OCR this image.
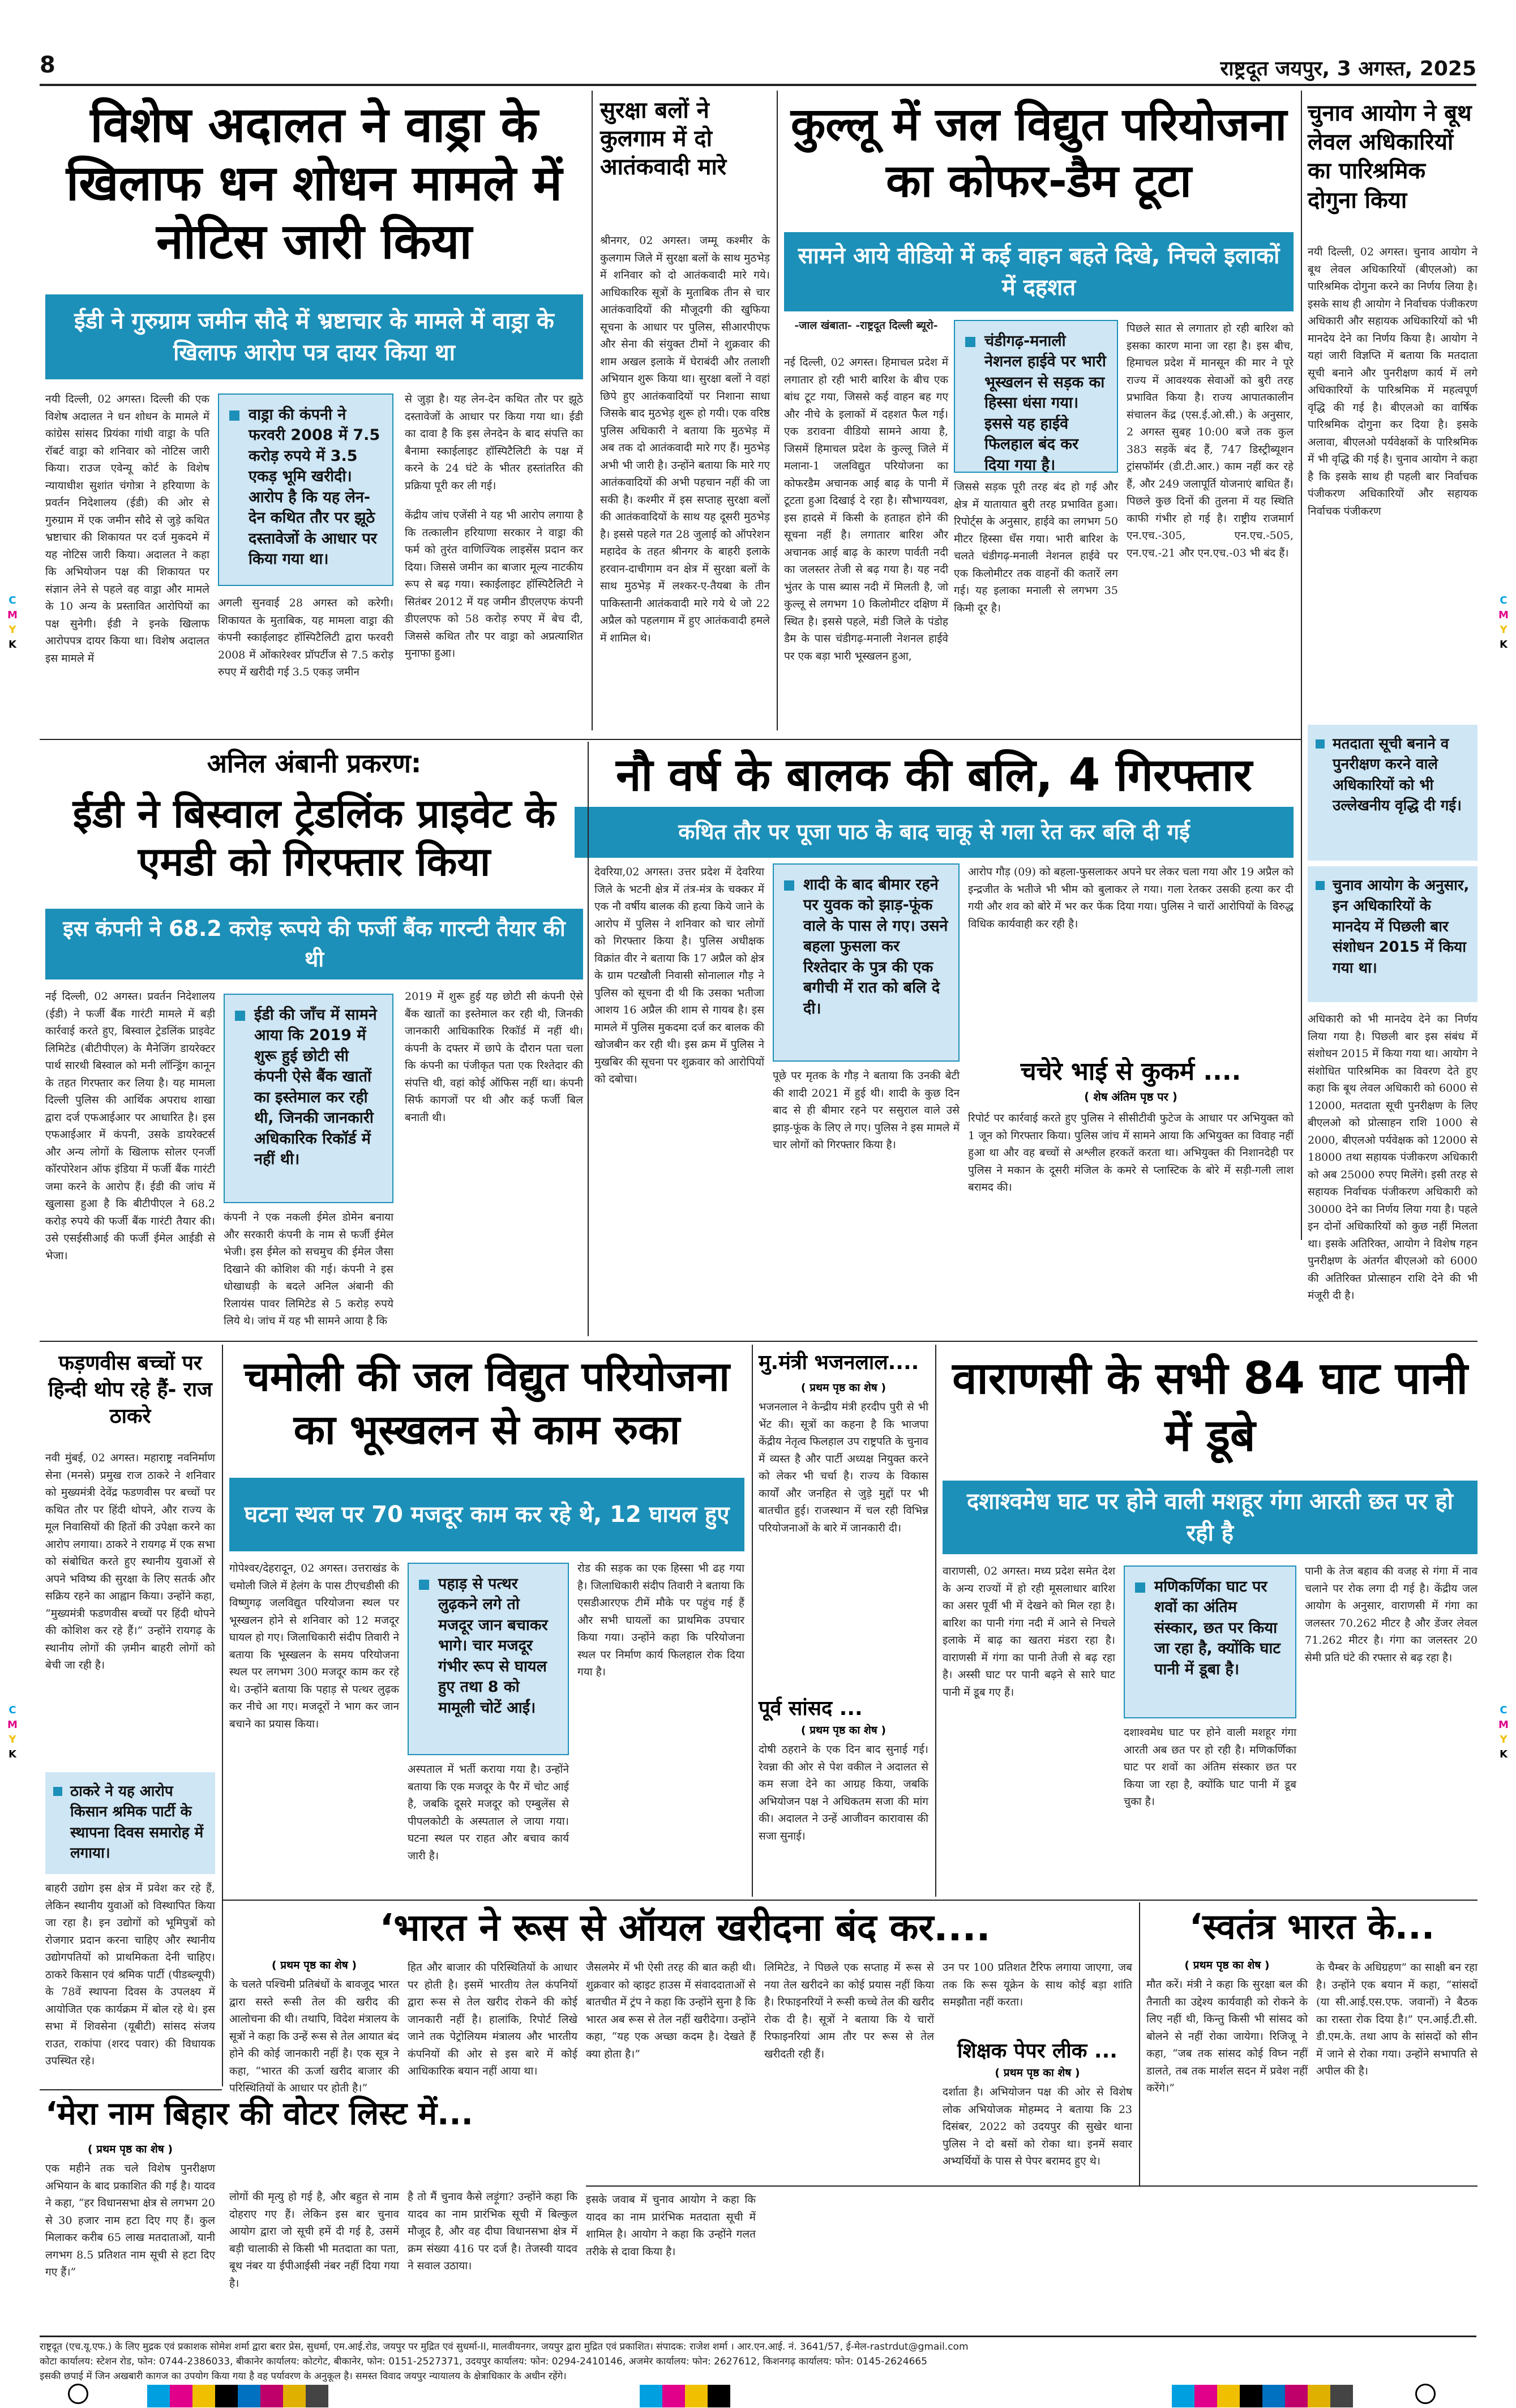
8	राष्ट्रदूत जयपुर, 3 अगस्त, 2025
C
M
Y
K
C
M
Y
K
C
M
Y
K
C
M
Y
K
विशेष अदालत ने वाड्रा के खिलाफ धन शोधन मामले में नोटिस जारी किया
ईडी ने गुरुग्राम जमीन सौदे में भ्रष्टाचार के मामले में वाड्रा के खिलाफ आरोप पत्र दायर किया था
नयी दिल्ली, 02 अगस्त। दिल्ली की एक विशेष अदालत ने धन शोधन के मामले में कांग्रेस सांसद प्रियंका गांधी वाड्रा के पति रॉबर्ट वाड्रा को शनिवार को नोटिस जारी किया। राउज एवेन्यू कोर्ट के विशेष न्यायाधीश सुशांत चंगोत्रा ने हरियाणा के प्रवर्तन निदेशालय (ईडी) की ओर से गुरुग्राम में एक जमीन सौदे से जुड़े कथित भ्रष्टाचार की शिकायत पर दर्ज मुकदमे में यह नोटिस जारी किया। अदालत ने कहा कि अभियोजन पक्ष की शिकायत पर संज्ञान लेने से पहले वह वाड्रा और मामले के 10 अन्य के प्रस्तावित आरोपियों का पक्ष सुनेगी। ईडी ने इनके खिलाफ आरोपपत्र दायर किया था। विशेष अदालत इस मामले में
वाड्रा की कंपनी ने फरवरी 2008 में 7.5 करोड़ रुपये में 3.5 एकड़ भूमि खरीदी। आरोप है कि यह लेन-देन कथित तौर पर झूठे दस्तावेजों के आधार पर किया गया था।
अगली सुनवाई 28 अगस्त को करेगी। शिकायत के मुताबिक, यह मामला वाड्रा की कंपनी स्काईलाइट हॉस्पिटैलिटी द्वारा फरवरी 2008 में ओंकारेश्वर प्रॉपर्टीज से 7.5 करोड़ रुपए में खरीदी गई 3.5 एकड़ जमीन
से जुड़ा है। यह लेन-देन कथित तौर पर झूठे दस्तावेजों के आधार पर किया गया था। ईडी का दावा है कि इस लेनदेन के बाद संपत्ति का बैनामा स्काईलाइट हॉस्पिटैलिटी के पक्ष में करने के 24 घंटे के भीतर हस्तांतरित की प्रक्रिया पूरी कर ली गई।
केंद्रीय जांच एजेंसी ने यह भी आरोप लगाया है कि तत्कालीन हरियाणा सरकार ने वाड्रा की फर्म को तुरंत वाणिज्यिक लाइसेंस प्रदान कर दिया। जिससे जमीन का बाजार मूल्य नाटकीय रूप से बढ़ गया। स्काईलाइट हॉस्पिटैलिटी ने सितंबर 2012 में यह जमीन डीएलएफ कंपनी डीएलएफ को 58 करोड़ रुपए में बेच दी, जिससे कथित तौर पर वाड्रा को अप्रत्याशित मुनाफा हुआ।
सुरक्षा बलों ने कुलगाम में दो आतंकवादी मारे
श्रीनगर, 02 अगस्त। जम्मू कश्मीर के कुलगाम जिले में सुरक्षा बलों के साथ मुठभेड़ में शनिवार को दो आतंकवादी मारे गये। आधिकारिक सूत्रों के मुताबिक तीन से चार आतंकवादियों की मौजूदगी की खुफिया सूचना के आधार पर पुलिस, सीआरपीएफ और सेना की संयुक्त टीमों ने शुक्रवार की शाम अखल इलाके में घेराबंदी और तलाशी अभियान शुरू किया था। सुरक्षा बलों ने वहां छिपे हुए आतंकवादियों पर निशाना साधा जिसके बाद मुठभेड़ शुरू हो गयी। एक वरिष्ठ पुलिस अधिकारी ने बताया कि मुठभेड़ में अब तक दो आतंकवादी मारे गए हैं। मुठभेड़ अभी भी जारी है। उन्होंने बताया कि मारे गए आतंकवादियों की अभी पहचान नहीं की जा सकी है। कश्मीर में इस सप्ताह सुरक्षा बलों की आतंकवादियों के साथ यह दूसरी मुठभेड़ है। इससे पहले गत 28 जुलाई को ऑपरेशन महादेव के तहत श्रीनगर के बाहरी इलाके हरवान-दाचीगाम वन क्षेत्र में सुरक्षा बलों के साथ मुठभेड़ में लश्कर-ए-तैयबा के तीन पाकिस्तानी आतंकवादी मारे गये थे जो 22 अप्रैल को पहलगाम में हुए आतंकवादी हमले में शामिल थे।
कुल्लू में जल विद्युत परियोजना का कोफर-डैम टूटा
सामने आये वीडियो में कई वाहन बहते दिखे, निचले इलाकों में दहशत
-जाल खंबाता- -राष्ट्रदूत दिल्ली ब्यूरो-
नई दिल्ली, 02 अगस्त। हिमाचल प्रदेश में लगातार हो रही भारी बारिश के बीच एक बांध टूट गया, जिससे कई वाहन बह गए और नीचे के इलाकों में दहशत फैल गई। एक डरावना वीडियो सामने आया है, जिसमें हिमाचल प्रदेश के कुल्लू जिले में मलाना-1 जलविद्युत परियोजना का कोफरडैम अचानक आई बाढ़ के पानी में टूटता हुआ दिखाई दे रहा है। सौभाग्यवश, इस हादसे में किसी के हताहत होने की सूचना नहीं है। लगातार बारिश और अचानक आई बाढ़ के कारण पार्वती नदी का जलस्तर तेजी से बढ़ गया है। यह नदी भुंतर के पास ब्यास नदी में मिलती है, जो कुल्लू से लगभग 10 किलोमीटर दक्षिण में स्थित है। इससे पहले, मंडी जिले के पंडोह डैम के पास चंडीगढ़-मनाली नेशनल हाईवे पर एक बड़ा भारी भूस्खलन हुआ,
चंडीगढ़-मनाली नेशनल हाईवे पर भारी भूस्खलन से सड़क का हिस्सा धंसा गया। इससे यह हाईवे फिलहाल बंद कर दिया गया है।
जिससे सड़क पूरी तरह बंद हो गई और क्षेत्र में यातायात बुरी तरह प्रभावित हुआ। रिपोर्ट्स के अनुसार, हाईवे का लगभग 50 मीटर हिस्सा धँस गया। भारी बारिश के चलते चंडीगढ़-मनाली नेशनल हाईवे पर एक किलोमीटर तक वाहनों की कतारें लग गई। यह इलाका मनाली से लगभग 35 किमी दूर है।
पिछले सात से लगातार हो रही बारिश को इसका कारण माना जा रहा है। इस बीच, हिमाचल प्रदेश में मानसून की मार ने पूरे राज्य में आवश्यक सेवाओं को बुरी तरह प्रभावित किया है। राज्य आपातकालीन संचालन केंद्र (एस.ई.ओ.सी.) के अनुसार, 2 अगस्त सुबह 10:00 बजे तक कुल 383 सड़कें बंद हैं, 747 डिस्ट्रीब्यूशन ट्रांसफॉर्मर (डी.टी.आर.) काम नहीं कर रहे हैं, और 249 जलापूर्ति योजनाएं बाधित हैं। पिछले कुछ दिनों की तुलना में यह स्थिति काफी गंभीर हो गई है। राष्ट्रीय राजमार्ग एन.एच.-305, एन.एच.-505, एन.एच.-21 और एन.एच.-03 भी बंद हैं।
चुनाव आयोग ने बूथ लेवल अधिकारियों का पारिश्रमिक दोगुना किया
नयी दिल्ली, 02 अगस्त। चुनाव आयोग ने बूथ लेवल अधिकारियों (बीएलओ) का पारिश्रमिक दोगुना करने का निर्णय लिया है। इसके साथ ही आयोग ने निर्वाचक पंजीकरण अधिकारी और सहायक अधिकारियों को भी मानदेय देने का निर्णय किया है। आयोग ने यहां जारी विज्ञप्ति में बताया कि मतदाता सूची बनाने और पुनरीक्षण कार्य में लगे अधिकारियों के पारिश्रमिक में महत्वपूर्ण वृद्धि की गई है। बीएलओ का वार्षिक पारिश्रमिक दोगुना कर दिया है। इसके अलावा, बीएलओ पर्यवेक्षकों के पारिश्रमिक में भी वृद्धि की गई है। चुनाव आयोग ने कहा है कि इसके साथ ही पहली बार निर्वाचक पंजीकरण अधिकारियों और सहायक निर्वाचक पंजीकरण
मतदाता सूची बनाने व पुनरीक्षण करने वाले अधिकारियों को भी उल्लेखनीय वृद्धि दी गई।
चुनाव आयोग के अनुसार, इन अधिकारियों के मानदेय में पिछली बार संशोधन 2015 में किया गया था।
अधिकारी को भी मानदेय देने का निर्णय लिया गया है। पिछली बार इस संबंध में संशोधन 2015 में किया गया था। आयोग ने संशोधित पारिश्रमिक का विवरण देते हुए कहा कि बूथ लेवल अधिकारी को 6000 से 12000, मतदाता सूची पुनरीक्षण के लिए बीएलओ को प्रोत्साहन राशि 1000 से 2000, बीएलओ पर्यवेक्षक को 12000 से 18000 तथा सहायक पंजीकरण अधिकारी को अब 25000 रुपए मिलेंगे। इसी तरह से सहायक निर्वाचक पंजीकरण अधिकारी को 30000 देने का निर्णय लिया गया है। पहले इन दोनों अधिकारियों को कुछ नहीं मिलता था। इसके अतिरिक्त, आयोग ने विशेष गहन पुनरीक्षण के अंतर्गत बीएलओ को 6000 की अतिरिक्त प्रोत्साहन राशि देने की भी मंजूरी दी है।
अनिल अंबानी प्रकरण:
ईडी ने बिस्वाल ट्रेडलिंक प्राइवेट के एमडी को गिरफ्तार किया
इस कंपनी ने 68.2 करोड़ रूपये की फर्जी बैंक गारन्टी तैयार की थी
नई दिल्ली, 02 अगस्त। प्रवर्तन निदेशालय (ईडी) ने फर्जी बैंक गारंटी मामले में बड़ी कार्रवाई करते हुए, बिस्वाल ट्रेडलिंक प्राइवेट लिमिटेड (बीटीपीएल) के मैनेजिंग डायरेक्टर पार्थ सारथी बिस्वाल को मनी लॉन्ड्रिंग कानून के तहत गिरफ्तार कर लिया है। यह मामला दिल्ली पुलिस की आर्थिक अपराध शाखा द्वारा दर्ज एफआईआर पर आधारित है। इस एफआईआर में कंपनी, उसके डायरेक्टर्स और अन्य लोगों के खिलाफ सोलर एनर्जी कॉरपोरेशन ऑफ इंडिया में फर्जी बैंक गारंटी जमा करने के आरोप हैं। ईडी की जांच में खुलासा हुआ है कि बीटीपीएल ने 68.2 करोड़ रुपये की फर्जी बैंक गारंटी तैयार की। उसे एसईसीआई की फर्जी ईमेल आईडी से भेजा।
ईडी की जाँच में सामने आया कि 2019 में शुरू हुई छोटी सी कंपनी ऐसे बैंक खातों का इस्तेमाल कर रही थी, जिनकी जानकारी अधिकारिक रिकॉर्ड में नहीं थी।
कंपनी ने एक नकली ईमेल डोमेन बनाया और सरकारी कंपनी के नाम से फर्जी ईमेल भेजी। इस ईमेल को सचमुच की ईमेल जैसा दिखाने की कोशिश की गई। कंपनी ने इस धोखाधड़ी के बदले अनिल अंबानी की रिलायंस पावर लिमिटेड से 5 करोड़ रुपये लिये थे। जांच में यह भी सामने आया है कि
2019 में शुरू हुई यह छोटी सी कंपनी ऐसे बैंक खातों का इस्तेमाल कर रही थी, जिनकी जानकारी आधिकारिक रिकॉर्ड में नहीं थी। कंपनी के दफ्तर में छापे के दौरान पता चला कि कंपनी का पंजीकृत पता एक रिश्तेदार की संपत्ति थी, वहां कोई ऑफिस नहीं था। कंपनी सिर्फ कागजों पर थी और कई फर्जी बिल बनाती थी।
नौ वर्ष के बालक की बलि, 4 गिरफ्तार
कथित तौर पर पूजा पाठ के बाद चाकू से गला रेत कर बलि दी गई
देवरिया,02 अगस्त। उत्तर प्रदेश में देवरिया जिले के भटनी क्षेत्र में तंत्र-मंत्र के चक्कर में एक नौ वर्षीय बालक की हत्या किये जाने के आरोप में पुलिस ने शनिवार को चार लोगों को गिरफ्तार किया है। पुलिस अधीक्षक विक्रांत वीर ने बताया कि 17 अप्रैल को क्षेत्र के ग्राम पटखौली निवासी सोनालाल गौड़ ने पुलिस को सूचना दी थी कि उसका भतीजा आशय 16 अप्रैल की शाम से गायब है। इस मामले में पुलिस मुकदमा दर्ज कर बालक की खोजबीन कर रही थी। इस क्रम में पुलिस ने मुखबिर की सूचना पर शुक्रवार को आरोपियों को दबोचा।
शादी के बाद बीमार रहने पर युवक को झाड़-फूंक वाले के पास ले गए। उसने बहला फुसला कर रिश्तेदार के पुत्र की एक बगीची में रात को बलि दे दी।
पूछे पर मृतक के गौड़ ने बताया कि उनकी बेटी की शादी 2021 में हुई थी। शादी के कुछ दिन बाद से ही बीमार रहने पर ससुराल वाले उसे झाड़-फूंक के लिए ले गए। पुलिस ने इस मामले में चार लोगों को गिरफ्तार किया है।
आरोप गौड़ (09) को बहला-फुसलाकर अपने घर लेकर चला गया और 19 अप्रैल को इन्द्रजीत के भतीजे भी भीम को बुलाकर ले गया। गला रेतकर उसकी हत्या कर दी गयी और शव को बोरे में भर कर फेंक दिया गया। पुलिस ने चारों आरोपियों के विरुद्ध विधिक कार्यवाही कर रही है।
चचेरे भाई से कुकर्म ....
( शेष अंतिम पृष्ठ पर )
रिपोर्ट पर कार्रवाई करते हुए पुलिस ने सीसीटीवी फुटेज के आधार पर अभियुक्त को 1 जून को गिरफ्तार किया। पुलिस जांच में सामने आया कि अभियुक्त का विवाह नहीं हुआ था और वह बच्चों से अश्लील हरकतें करता था। अभियुक्त की निशानदेही पर पुलिस ने मकान के दूसरी मंजिल के कमरे से प्लास्टिक के बोरे में सड़ी-गली लाश बरामद की।
फड़णवीस बच्चों पर हिन्दी थोप रहे हैं- राज ठाकरे
नवी मुंबई, 02 अगस्त। महाराष्ट्र नवनिर्माण सेना (मनसे) प्रमुख राज ठाकरे ने शनिवार को मुख्यमंत्री देवेंद्र फडणवीस पर बच्चों पर कथित तौर पर हिंदी थोपने, और राज्य के मूल निवासियों की हितों की उपेक्षा करने का आरोप लगाया। ठाकरे ने रायगढ़ में एक सभा को संबोधित करते हुए स्थानीय युवाओं से अपने भविष्य की सुरक्षा के लिए सतर्क और सक्रिय रहने का आह्वान किया। उन्होंने कहा, “मुख्यमंत्री फडणवीस बच्चों पर हिंदी थोपने की कोशिश कर रहे हैं।” उन्होंने रायगढ़ के स्थानीय लोगों की ज़मीन बाहरी लोगों को बेची जा रही है।
ठाकरे ने यह आरोप किसान श्रमिक पार्टी के स्थापना दिवस समारोह में लगाया।
बाहरी उद्योग इस क्षेत्र में प्रवेश कर रहे हैं, लेकिन स्थानीय युवाओं को विस्थापित किया जा रहा है। इन उद्योगों को भूमिपुत्रों को रोजगार प्रदान करना चाहिए और स्थानीय उद्योगपतियों को प्राथमिकता देनी चाहिए। ठाकरे किसान एवं श्रमिक पार्टी (पीडब्ल्यूपी) के 78वें स्थापना दिवस के उपलक्ष्य में आयोजित एक कार्यक्रम में बोल रहे थे। इस सभा में शिवसेना (यूबीटी) सांसद संजय राउत, राकांपा (शरद पवार) की विधायक उपस्थित रहे।
चमोली की जल विद्युत परियोजना का भूस्खलन से काम रुका
घटना स्थल पर 70 मजदूर काम कर रहे थे, 12 घायल हुए
गोपेश्वर/देहरादून, 02 अगस्त। उत्तराखंड के चमोली जिले में हेलंग के पास टीएचडीसी की विष्णुगढ़ जलविद्युत परियोजना स्थल पर भूस्खलन होने से शनिवार को 12 मजदूर घायल हो गए। जिलाधिकारी संदीप तिवारी ने बताया कि भूस्खलन के समय परियोजना स्थल पर लगभग 300 मजदूर काम कर रहे थे। उन्होंने बताया कि पहाड़ से पत्थर लुढ़क कर नीचे आ गए। मजदूरों ने भाग कर जान बचाने का प्रयास किया।
पहाड़ से पत्थर लुढ़कने लगे तो मजदूर जान बचाकर भागे। चार मजदूर गंभीर रूप से घायल हुए तथा 8 को मामूली चोटें आईं।
अस्पताल में भर्ती कराया गया है। उन्होंने बताया कि एक मजदूर के पैर में चोट आई है, जबकि दूसरे मजदूर को एम्बुलेंस से पीपलकोटी के अस्पताल ले जाया गया। घटना स्थल पर राहत और बचाव कार्य जारी है।
रोड की सड़क का एक हिस्सा भी ढह गया है। जिलाधिकारी संदीप तिवारी ने बताया कि एसडीआरएफ टीमें मौके पर पहुंच गई हैं और सभी घायलों का प्राथमिक उपचार किया गया। उन्होंने कहा कि परियोजना स्थल पर निर्माण कार्य फिलहाल रोक दिया गया है।
मु.मंत्री भजनलाल....
( प्रथम पृष्ठ का शेष )
भजनलाल ने केन्द्रीय मंत्री हरदीप पुरी से भी भेंट की। सूत्रों का कहना है कि भाजपा केंद्रीय नेतृत्व फिलहाल उप राष्ट्रपति के चुनाव में व्यस्त है और पार्टी अध्यक्ष नियुक्त करने को लेकर भी चर्चा है। राज्य के विकास कार्यों और जनहित से जुड़े मुद्दों पर भी बातचीत हुई। राजस्थान में चल रही विभिन्न परियोजनाओं के बारे में जानकारी दी।
पूर्व सांसद ...
( प्रथम पृष्ठ का शेष )
दोषी ठहराने के एक दिन बाद सुनाई गई। रेवन्ना की ओर से पेश वकील ने अदालत से कम सजा देने का आग्रह किया, जबकि अभियोजन पक्ष ने अधिकतम सजा की मांग की। अदालत ने उन्हें आजीवन कारावास की सजा सुनाई।
वाराणसी के सभी 84 घाट पानी में डूबे
दशाश्वमेध घाट पर होने वाली मशहूर गंगा आरती छत पर हो रही है
वाराणसी, 02 अगस्त। मध्य प्रदेश समेत देश के अन्य राज्यों में हो रही मूसलाधार बारिश का असर पूर्वी भी में देखने को मिल रहा है। बारिश का पानी गंगा नदी में आने से निचले इलाके में बाढ़ का खतरा मंडरा रहा है। वाराणसी में गंगा का पानी तेजी से बढ़ रहा है। अस्सी घाट पर पानी बढ़ने से सारे घाट पानी में डूब गए हैं।
मणिकर्णिका घाट पर शवों का अंतिम संस्कार, छत पर किया जा रहा है, क्योंकि घाट पानी में डूबा है।
दशाश्वमेध घाट पर होने वाली मशहूर गंगा आरती अब छत पर हो रही है। मणिकर्णिका घाट पर शवों का अंतिम संस्कार छत पर किया जा रहा है, क्योंकि घाट पानी में डूब चुका है।
पानी के तेज बहाव की वजह से गंगा में नाव चलाने पर रोक लगा दी गई है। केंद्रीय जल आयोग के अनुसार, वाराणसी में गंगा का जलस्तर 70.262 मीटर है और डेंजर लेवल 71.262 मीटर है। गंगा का जलस्तर 20 सेमी प्रति घंटे की रफ्तार से बढ़ रहा है।
‘भारत ने रूस से ऑयल खरीदना बंद कर....
( प्रथम पृष्ठ का शेष )
के चलते पश्चिमी प्रतिबंधों के बावजूद भारत द्वारा सस्ते रूसी तेल की खरीद की आलोचना की थी। तथापि, विदेश मंत्रालय के सूत्रों ने कहा कि उन्हें रूस से तेल आयात बंद होने की कोई जानकारी नहीं है। एक सूत्र ने कहा, “भारत की ऊर्जा खरीद बाजार की परिस्थितियों के आधार पर होती है।”
हित और बाजार की परिस्थितियों के आधार पर होती है। इसमें भारतीय तेल कंपनियों द्वारा रूस से तेल खरीद रोकने की कोई जानकारी नहीं है। हालांकि, रिपोर्ट लिखे जाने तक पेट्रोलियम मंत्रालय और भारतीय कंपनियों की ओर से इस बारे में कोई आधिकारिक बयान नहीं आया था।
जैसलमेर में भी ऐसी तरह की बात कही थी। शुक्रवार को व्हाइट हाउस में संवाददाताओं से बातचीत में ट्रंप ने कहा कि उन्होंने सुना है कि भारत अब रूस से तेल नहीं खरीदेगा। उन्होंने कहा, “यह एक अच्छा कदम है। देखते हैं क्या होता है।”
लिमिटेड, ने पिछले एक सप्ताह में रूस से नया तेल खरीदने का कोई प्रयास नहीं किया है। रिफाइनरियों ने रूसी कच्चे तेल की खरीद रोक दी है। सूत्रों ने बताया कि ये चारों रिफाइनरियां आम तौर पर रूस से तेल खरीदती रही हैं।
उन पर 100 प्रतिशत टैरिफ लगाया जाएगा, जब तक कि रूस यूक्रेन के साथ कोई बड़ा शांति समझौता नहीं करता।
शिक्षक पेपर लीक ...
( प्रथम पृष्ठ का शेष )
दर्शाता है। अभियोजन पक्ष की ओर से विशेष लोक अभियोजक मोहम्मद ने बताया कि 23 दिसंबर, 2022 को उदयपुर की सुखेर थाना पुलिस ने दो बसों को रोका था। इनमें सवार अभ्यर्थियों के पास से पेपर बरामद हुए थे।
‘स्वतंत्र भारत के...
( प्रथम पृष्ठ का शेष )
मौत करें। मंत्री ने कहा कि सुरक्षा बल की तैनाती का उद्देश्य कार्यवाही को रोकने के लिए नहीं थी, किन्तु किसी भी सांसद को बोलने से नहीं रोका जायेगा। रिजिजू ने कहा, “जब तक सांसद कोई विघ्न नहीं डालते, तब तक मार्शल सदन में प्रवेश नहीं करेंगे।”
के चैम्बर के अधिग्रहण” का साक्षी बन रहा है। उन्होंने एक बयान में कहा, “सांसदों (या सी.आई.एस.एफ. जवानों) ने बैठक का रास्ता रोक दिया है।” एन.आई.टी.सी. डी.एम.के. तथा आप के सांसदों को सीन में जाने से रोका गया। उन्होंने सभापति से अपील की है।
‘मेरा नाम बिहार की वोटर लिस्ट में...
( प्रथम पृष्ठ का शेष )
एक महीने तक चले विशेष पुनरीक्षण अभियान के बाद प्रकाशित की गई है। यादव ने कहा, “हर विधानसभा क्षेत्र से लगभग 20 से 30 हजार नाम हटा दिए गए हैं। कुल मिलाकर करीब 65 लाख मतदाताओं, यानी लगभग 8.5 प्रतिशत नाम सूची से हटा दिए गए हैं।”
लोगों की मृत्यु हो गई है, और बहुत से नाम दोहराए गए हैं। लेकिन इस बार चुनाव आयोग द्वारा जो सूची हमें दी गई है, उसमें बड़ी चालाकी से किसी भी मतदाता का पता, बूथ नंबर या ईपीआईसी नंबर नहीं दिया गया है।
है तो मैं चुनाव कैसे लड़ूंगा? उन्होंने कहा कि यादव का नाम प्रारंभिक सूची में बिल्कुल मौजूद है, और वह दीघा विधानसभा क्षेत्र में क्रम संख्या 416 पर दर्ज है। तेजस्वी यादव ने सवाल उठाया।
इसके जवाब में चुनाव आयोग ने कहा कि यादव का नाम प्रारंभिक मतदाता सूची में शामिल है। आयोग ने कहा कि उन्होंने गलत तरीके से दावा किया है।
राष्ट्रदूत (एच.यू.एफ.) के लिए मुद्रक एवं प्रकाशक सोमेश शर्मा द्वारा बरार प्रेस, सुधर्मा, एम.आई.रोड, जयपुर पर मुद्रित एवं सुधर्मा-II, मालवीयनगर, जयपुर द्वारा मुद्रित एवं प्रकाशित। संपादक: राजेश शर्मा । आर.एन.आई. नं. 3641/57, ई-मेल-rastrdut@gmail.com
कोटा कार्यालय: स्टेशन रोड, फोन: 0744-2386033, बीकानेर कार्यालय: कोटगेट, बीकानेर, फोन: 0151-2527371, उदयपुर कार्यालय: फोन: 0294-2410146, अजमेर कार्यालय: फोन: 2627612, किशनगढ़ कार्यालय: फोन: 0145-2624665
इसकी छपाई में जिन अखबारी कागज का उपयोग किया गया है वह पर्यावरण के अनुकूल है। समस्त विवाद जयपुर न्यायालय के क्षेत्राधिकार के अधीन रहेंगे।
